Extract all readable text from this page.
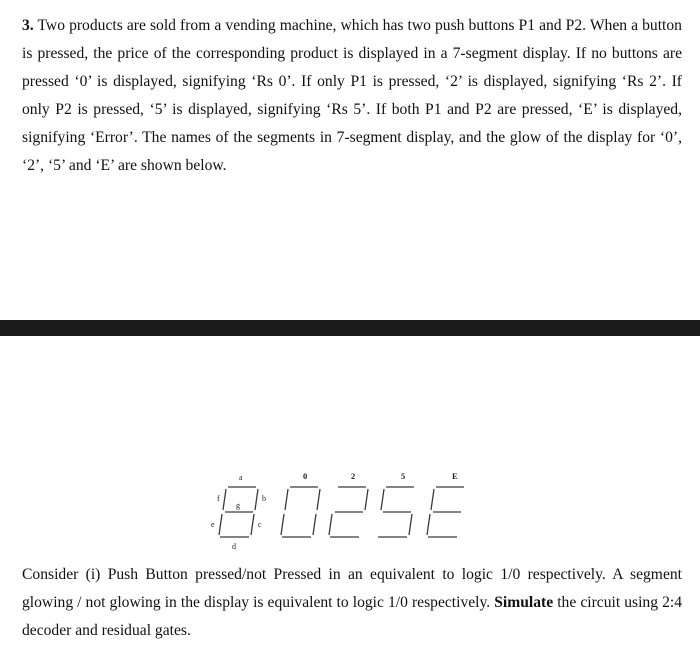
3. Two products are sold from a vending machine, which has two push buttons P1 and P2. When a button is pressed, the price of the corresponding product is displayed in a 7-segment display. If no buttons are pressed ‘0’ is displayed, signifying ‘Rs 0’. If only P1 is pressed, ‘2’ is displayed, signifying ‘Rs 2’. If only P2 is pressed, ‘5’ is displayed, signifying ‘Rs 5’. If both P1 and P2 are pressed, ‘E’ is displayed, signifying ‘Error’. The names of the segments in 7-segment display, and the glow of the display for ‘0’, ‘2’, ‘5’ and ‘E’ are shown below.

a
b
c
d
e
f
g
0	2	5	E

Consider (i) Push Button pressed/not Pressed in an equivalent to logic 1/0 respectively. A segment glowing / not glowing in the display is equivalent to logic 1/0 respectively. Simulate the circuit using 2:4 decoder and residual gates.
